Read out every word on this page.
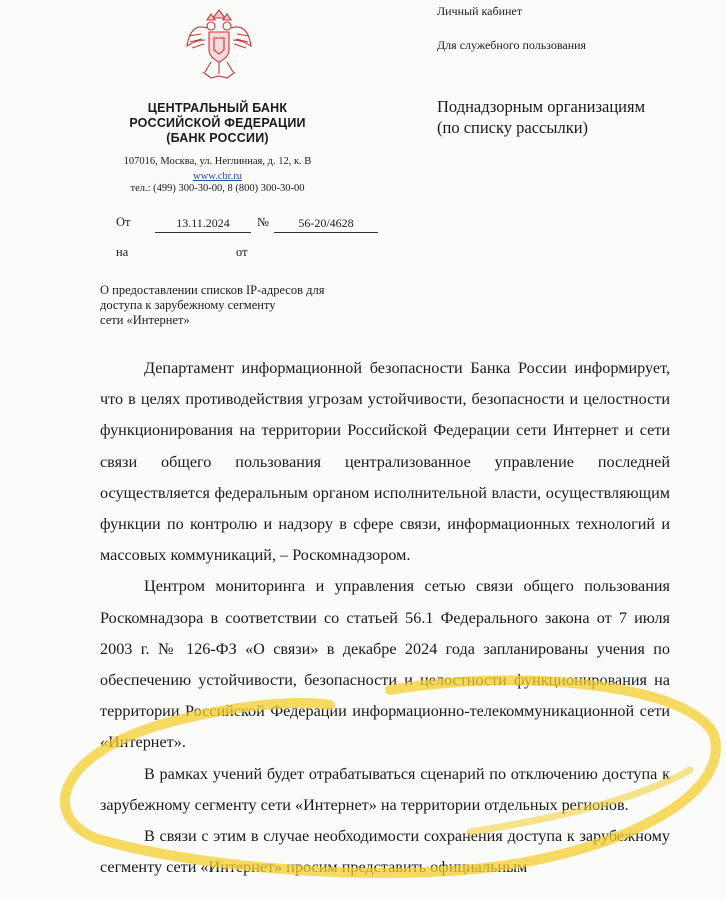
ЦЕНТРАЛЬНЫЙ БАНК
РОССИЙСКОЙ ФЕДЕРАЦИИ
(БАНК РОССИИ)
107016, Москва, ул. Неглинная, д. 12, к. В
www.cbr.ru
тел.: (499) 300-30-00, 8 (800) 300-30-00
Личный кабинет
Для служебного пользования
Поднадзорным организациям
(по списку рассылки)
От	13.11.2024	№	56-20/4628
на	от
О предоставлении списков IP-адресов для
доступа к зарубежному сегменту
сети «Интернет»

Департамент информационной безопасности Банка России информирует, что в целях противодействия угрозам устойчивости, безопасности и целостности функционирования на территории Российской Федерации сети Интернет и сети связи общего пользования централизованное управление последней осуществляется федеральным органом исполнительной власти, осуществляющим функции по контролю и надзору в сфере связи, информационных технологий и массовых коммуникаций, – Роскомнадзором.

Центром мониторинга и управления сетью связи общего пользования Роскомнадзора в соответствии со статьей 56.1 Федерального закона от 7 июля 2003 г. № 126-ФЗ «О связи» в декабре 2024 года запланированы учения по обеспечению устойчивости, безопасности и целостности функционирования на территории Российской Федерации информационно-телекоммуникационной сети «Интернет».

В рамках учений будет отрабатываться сценарий по отключению доступа к зарубежному сегменту сети «Интернет» на территории отдельных регионов.

В связи с этим в случае необходимости сохранения доступа к зарубежному сегменту сети «Интернет» просим представить официальным
